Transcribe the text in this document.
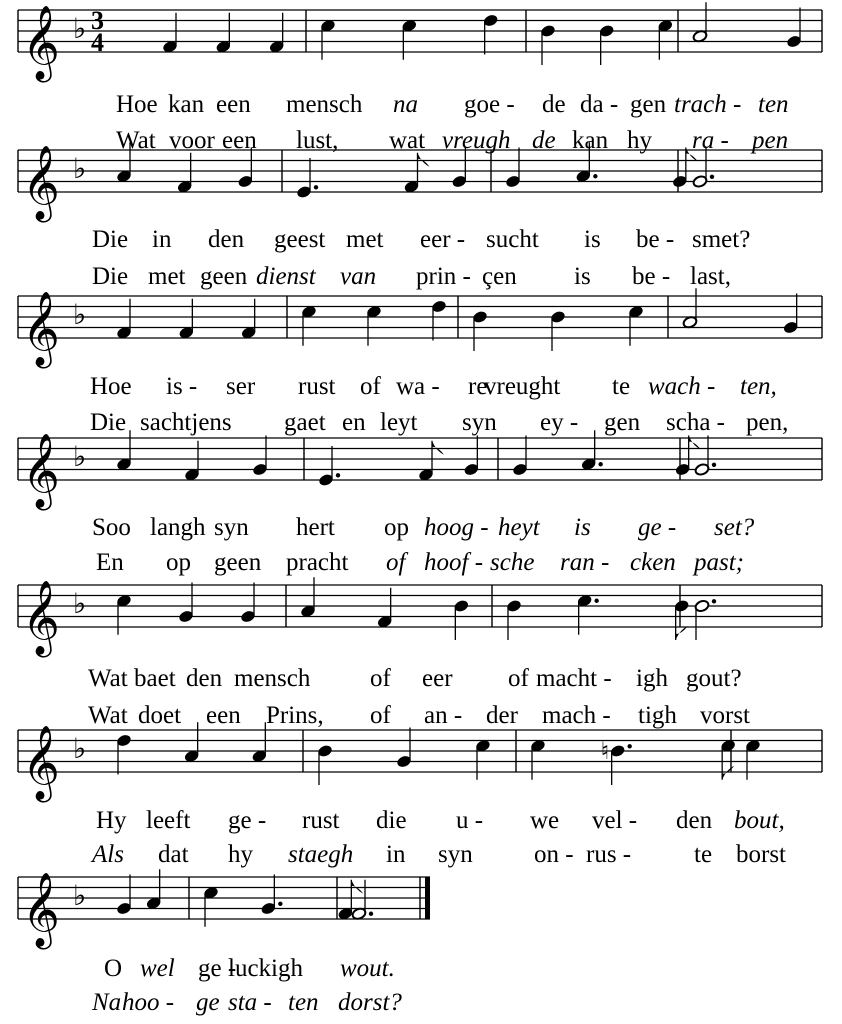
𝄞 ♭ 3
4
𝄞 ♭
𝄞 ♭
𝄞 ♭
𝄞 ♭
𝄞 ♭	♮
𝄞 ♭
Hoe kan een mensch na goe - de da - gen trach - ten
Wat voor een lust, wat vreugh de kan hy ra - pen
Die in den geest met eer - sucht is be - smet?
Die met geen dienst van prin - çen is be - last,
Hoe is - ser rust of wa - re
vreught te wach - ten,
Die sachtjens gaet en leyt syn ey - gen scha - pen,
Soo langh syn hert op hoog - heyt is ge - set?
En op geen pracht of hoof - sche ran - cken past;
Wat baet den mensch of eer of macht - igh gout?
Wat doet een Prins, of an - der mach - tigh vorst
Hy leeft ge - rust die u - we vel - den bout,
Als dat hy staegh in syn on - rus -	te borst
O wel ge -
luckigh wout.
Na hoo - ge sta - ten dorst?
